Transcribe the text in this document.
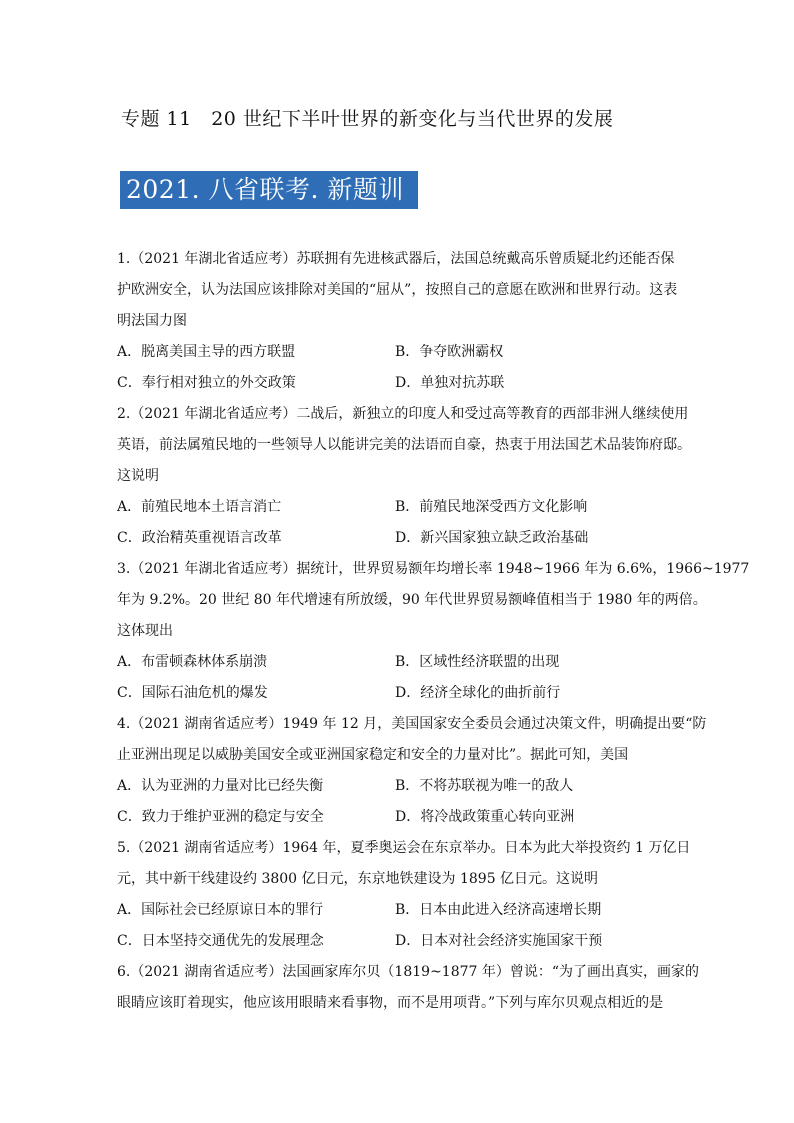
专题 11　20 世纪下半叶世界的新变化与当代世界的发展
2021. 八省联考. 新题训练

1.（2021 年湖北省适应考）苏联拥有先进核武器后，法国总统戴高乐曾质疑北约还能否保

护欧洲安全，认为法国应该排除对美国的“屈从”，按照自己的意愿在欧洲和世界行动。这表

明法国力图

A．脱离美国主导的西方联盟	B．争夺欧洲霸权
C．奉行相对独立的外交政策	D．单独对抗苏联

2.（2021 年湖北省适应考）二战后，新独立的印度人和受过高等教育的西部非洲人继续使用

英语，前法属殖民地的一些领导人以能讲完美的法语而自豪，热衷于用法国艺术品装饰府邸。

这说明

A．前殖民地本土语言消亡	B．前殖民地深受西方文化影响
C．政治精英重视语言改革	D．新兴国家独立缺乏政治基础

3.（2021 年湖北省适应考）据统计，世界贸易额年均增长率 1948~1966 年为 6.6%，1966~1977

年为 9.2%。20 世纪 80 年代增速有所放缓，90 年代世界贸易额峰值相当于 1980 年的两倍。

这体现出

A．布雷顿森林体系崩溃	B．区域性经济联盟的出现
C．国际石油危机的爆发	D．经济全球化的曲折前行

4.（2021 湖南省适应考）1949 年 12 月，美国国家安全委员会通过决策文件，明确提出要“防

止亚洲出现足以威胁美国安全或亚洲国家稳定和安全的力量对比”。据此可知，美国

A．认为亚洲的力量对比已经失衡	B．不将苏联视为唯一的敌人
C．致力于维护亚洲的稳定与安全	D．将冷战政策重心转向亚洲

5.（2021 湖南省适应考）1964 年，夏季奥运会在东京举办。日本为此大举投资约 1 万亿日

元，其中新干线建设约 3800 亿日元，东京地铁建设为 1895 亿日元。这说明

A．国际社会已经原谅日本的罪行	B．日本由此进入经济高速增长期
C．日本坚持交通优先的发展理念	D．日本对社会经济实施国家干预

6.（2021 湖南省适应考）法国画家库尔贝（1819~1877 年）曾说：“为了画出真实，画家的

眼睛应该盯着现实，他应该用眼睛来看事物，而不是用项背。”下列与库尔贝观点相近的是
